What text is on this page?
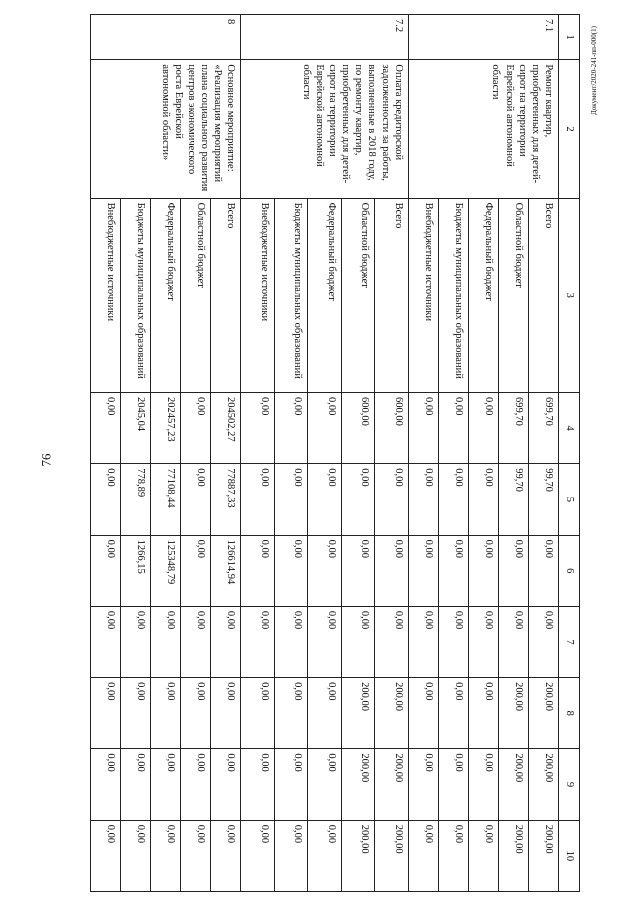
76
Документ/2020-241-пп-000(1)
1	2	3	4	5	6	7	8	9	10
7.1	Ремонт квартир, приобретенных для детей-сирот на территории Еврейской автономной области	Всего	699,70	99,70	0,00	0,00	200,00	200,00	200,00
		Областной бюджет	699,70	99,70	0,00	0,00	200,00	200,00	200,00
		Федеральный бюджет	0,00	0,00	0,00	0,00	0,00	0,00	0,00
		Бюджеты муниципальных образований	0,00	0,00	0,00	0,00	0,00	0,00	0,00
		Внебюджетные источники	0,00	0,00	0,00	0,00	0,00	0,00	0,00
7.2	Оплата кредиторской задолженности за работы, выполненные в 2018 году, по ремонту квартир, приобретенных для детей-сирот на территории Еврейской автономной области	Всего	600,00	0,00	0,00	0,00	200,00	200,00	200,00
		Областной бюджет	600,00	0,00	0,00	0,00	200,00	200,00	200,00
		Федеральный бюджет	0,00	0,00	0,00	0,00	0,00	0,00	0,00
		Бюджеты муниципальных образований	0,00	0,00	0,00	0,00	0,00	0,00	0,00
		Внебюджетные источники	0,00	0,00	0,00	0,00	0,00	0,00	0,00
8	Основное мероприятие: «Реализация мероприятий плана социального развития центров экономического роста Еврейской автономной области»	Всего	204502,27	77887,33	126614,94	0,00	0,00	0,00	0,00
		Областной бюджет	0,00	0,00	0,00	0,00	0,00	0,00	0,00
		Федеральный бюджет	202457,23	77108,44	125348,79	0,00	0,00	0,00	0,00
		Бюджеты муниципальных образований	2045,04	778,89	1266,15	0,00	0,00	0,00	0,00
		Внебюджетные источники	0,00	0,00	0,00	0,00	0,00	0,00	0,00
